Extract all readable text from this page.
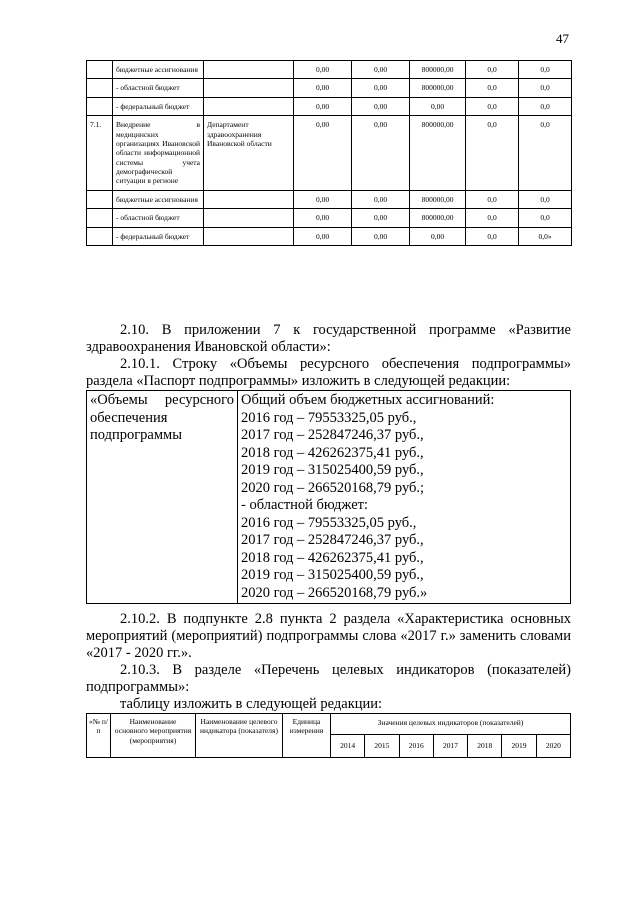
47
	бюджетные ассигнования		0,00	0,00	800000,00	0,0	0,0
	- областной бюджет		0,00	0,00	800000,00	0,0	0,0
	- федеральный бюджет		0,00	0,00	0,00	0,0	0,0
7.1.	Внедрение в медицинских организациях Ивановской области информационной системы учета демографической ситуации в регионе	Департамент здравоохранения Ивановской области	0,00	0,00	800000,00	0,0	0,0
	бюджетные ассигнования		0,00	0,00	800000,00	0,0	0,0
	- областной бюджет		0,00	0,00	800000,00	0,0	0,0
	- федеральный бюджет		0,00	0,00	0,00	0,0	0,0»
2.10. В приложении 7 к государственной программе «Развитие здравоохранения Ивановской области»:
2.10.1. Строку «Объемы ресурсного обеспечения подпрограммы» раздела «Паспорт подпрограммы» изложить в следующей редакции:
«Объемы ресурсного обеспечения подпрограммы	
Общий объем бюджетных ассигнований:
2016 год – 79553325,05 руб.,
2017 год – 252847246,37 руб.,
2018 год – 426262375,41 руб.,
2019 год – 315025400,59 руб.,
2020 год – 266520168,79 руб.;
- областной бюджет:
2016 год – 79553325,05 руб.,
2017 год – 252847246,37 руб.,
2018 год – 426262375,41 руб.,
2019 год – 315025400,59 руб.,
2020 год – 266520168,79 руб.»
2.10.2. В подпункте 2.8 пункта 2 раздела «Характеристика основных мероприятий (мероприятий) подпрограммы слова «2017 г.» заменить словами «2017 - 2020 гг.».
2.10.3. В разделе «Перечень целевых индикаторов (показателей) подпрограммы»:
таблицу изложить в следующей редакции:
«№ п/п	Наименование основного мероприятия (мероприятия)	Наименование целевого индикатора (показателя)	Единица измерения	Значения целевых индикаторов (показателей)						
				2014	2015	2016	2017	2018	2019	2020
